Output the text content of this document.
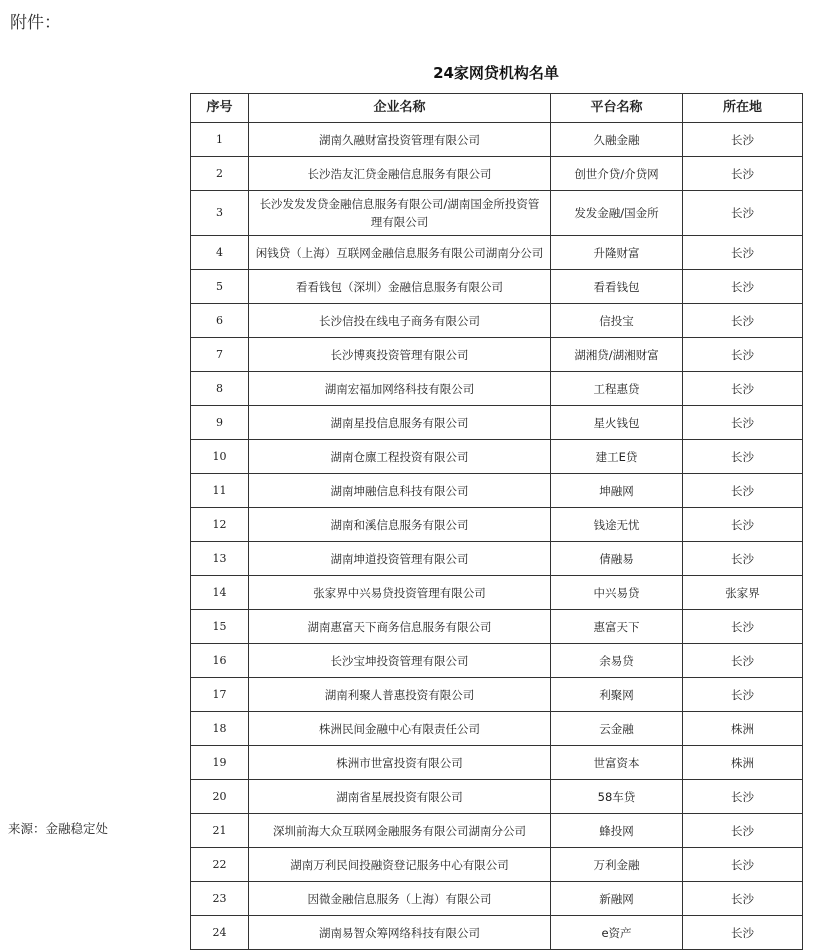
附件：
24家网贷机构名单
序号	企业名称	平台名称	所在地
1	湖南久融财富投资管理有限公司	久融金融	长沙
2	长沙浩友汇贷金融信息服务有限公司	创世介贷/介贷网	长沙
3	长沙发发发贷金融信息服务有限公司/湖南国金所投资管理有限公司	发发金融/国金所	长沙
4	闲钱贷（上海）互联网金融信息服务有限公司湖南分公司	升隆财富	长沙
5	看看钱包（深圳）金融信息服务有限公司	看看钱包	长沙
6	长沙信投在线电子商务有限公司	信投宝	长沙
7	长沙博爽投资管理有限公司	湖湘贷/湖湘财富	长沙
8	湖南宏福加网络科技有限公司	工程惠贷	长沙
9	湖南星投信息服务有限公司	星火钱包	长沙
10	湖南仓廪工程投资有限公司	建工E贷	长沙
11	湖南坤融信息科技有限公司	坤融网	长沙
12	湖南和溪信息服务有限公司	钱途无忧	长沙
13	湖南坤道投资管理有限公司	倩融易	长沙
14	张家界中兴易贷投资管理有限公司	中兴易贷	张家界
15	湖南惠富天下商务信息服务有限公司	惠富天下	长沙
16	长沙宝坤投资管理有限公司	余易贷	长沙
17	湖南利聚人普惠投资有限公司	利聚网	长沙
18	株洲民间金融中心有限责任公司	云金融	株洲
19	株洲市世富投资有限公司	世富资本	株洲
20	湖南省星展投资有限公司	58车贷	长沙
21	深圳前海大众互联网金融服务有限公司湖南分公司	蜂投网	长沙
22	湖南万利民间投融资登记服务中心有限公司	万利金融	长沙
23	因微金融信息服务（上海）有限公司	新融网	长沙
24	湖南易智众筹网络科技有限公司	e资产	长沙
来源：金融稳定处
